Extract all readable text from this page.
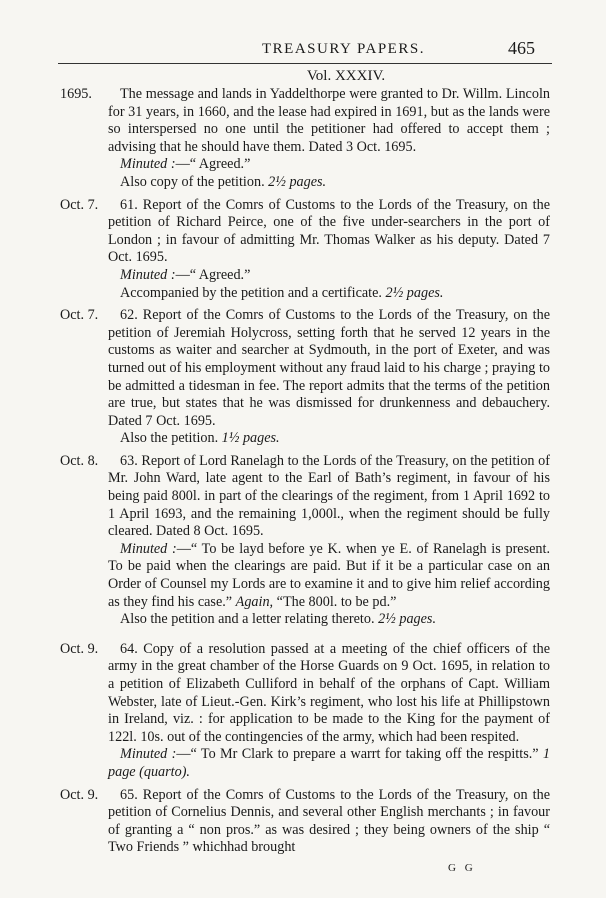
TREASURY PAPERS.	465
Vol. XXXIV.
1695.	The message and lands in Yaddelthorpe were granted to Dr. Willm. Lincoln for 31 years, in 1660, and the lease had expired in 1691, but as the lands were so interspersed no one until the petitioner had offered to accept them ; advising that he should have them. Dated 3 Oct. 1695.

Minuted :—“ Agreed.”
Also copy of the petition. 2½ pages.
Oct. 7.	61. Report of the Comrs of Customs to the Lords of the Treasury, on the petition of Richard Peirce, one of the five under-searchers in the port of London ; in favour of admitting Mr. Thomas Walker as his deputy. Dated 7 Oct. 1695.

Minuted :—“ Agreed.”
Accompanied by the petition and a certificate. 2½ pages.
Oct. 7.	62. Report of the Comrs of Customs to the Lords of the Treasury, on the petition of Jeremiah Holycross, setting forth that he served 12 years in the customs as waiter and searcher at Sydmouth, in the port of Exeter, and was turned out of his employment without any fraud laid to his charge ; praying to be admitted a tidesman in fee. The report admits that the terms of the petition are true, but states that he was dismissed for drunkenness and debauchery. Dated 7 Oct. 1695.

Also the petition. 1½ pages.
Oct. 8.	63. Report of Lord Ranelagh to the Lords of the Treasury, on the petition of Mr. John Ward, late agent to the Earl of Bath’s regiment, in favour of his being paid 800l. in part of the clearings of the regiment, from 1 April 1692 to 1 April 1693, and the remaining 1,000l., when the regiment should be fully cleared. Dated 8 Oct. 1695.

Minuted :—“ To be layd before ye K. when ye E. of Ranelagh is present. To be paid when the clearings are paid. But if it be a particular case on an Order of Counsel my Lords are to examine it and to give him relief according as they find his case.” Again, “The 800l. to be pd.”

Also the petition and a letter relating thereto. 2½ pages.
Oct. 9.	64. Copy of a resolution passed at a meeting of the chief officers of the army in the great chamber of the Horse Guards on 9 Oct. 1695, in relation to a petition of Elizabeth Culliford in behalf of the orphans of Capt. William Webster, late of Lieut.-Gen. Kirk’s regiment, who lost his life at Phillipstown in Ireland, viz. : for application to be made to the King for the payment of 122l. 10s. out of the contingencies of the army, which had been respited.

Minuted :—“ To Mr Clark to prepare a warrt for taking off the respitts.” 1 page (quarto).

Oct. 9.	65. Report of the Comrs of Customs to the Lords of the Treasury, on the petition of Cornelius Dennis, and several other English merchants ; in favour of granting a “ non pros.” as was desired ; they being owners of the ship “ Two Friends ” whichhad brought

G G
